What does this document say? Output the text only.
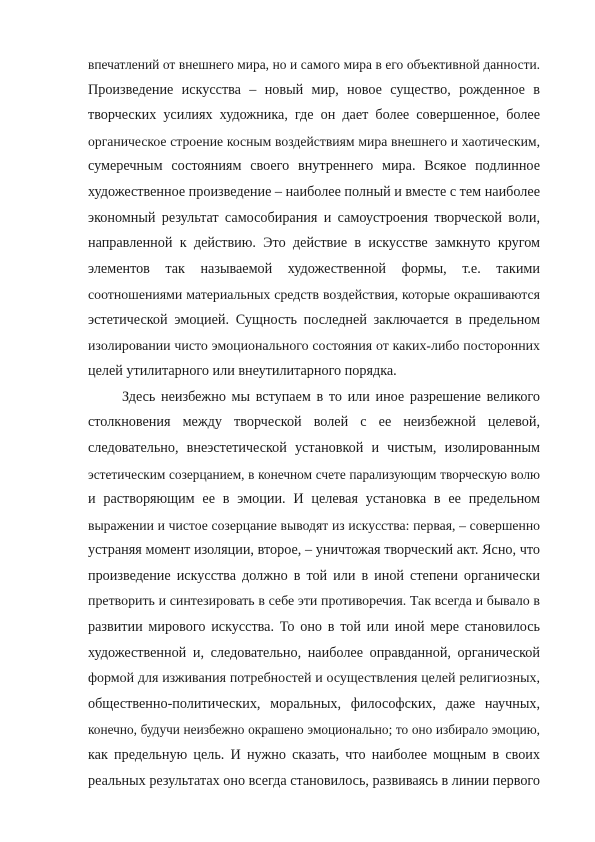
впечатлений от внешнего мира, но и самого мира в его объективной данности.
Произведение искусства – новый мир, новое существо, рожденное в
творческих усилиях художника, где он дает более совершенное, более
органическое строение косным воздействиям мира внешнего и хаотическим,
сумеречным состояниям своего внутреннего мира. Всякое подлинное
художественное произведение – наиболее полный и вместе с тем наиболее
экономный результат самособирания и самоустроения творческой воли,
направленной к действию. Это действие в искусстве замкнуто кругом
элементов так называемой художественной формы, т.е. такими
соотношениями материальных средств воздействия, которые окрашиваются
эстетической эмоцией. Сущность последней заключается в предельном
изолировании чисто эмоционального состояния от каких-либо посторонних
целей утилитарного или внеутилитарного порядка.
Здесь неизбежно мы вступаем в то или иное разрешение великого
столкновения между творческой волей с ее неизбежной целевой,
следовательно, внеэстетической установкой и чистым, изолированным
эстетическим созерцанием, в конечном счете парализующим творческую волю
и растворяющим ее в эмоции. И целевая установка в ее предельном
выражении и чистое созерцание выводят из искусства: первая, – совершенно
устраняя момент изоляции, второе, – уничтожая творческий акт. Ясно, что
произведение искусства должно в той или в иной степени органически
претворить и синтезировать в себе эти противоречия. Так всегда и бывало в
развитии мирового искусства. То оно в той или иной мере становилось
художественной и, следовательно, наиболее оправданной, органической
формой для изживания потребностей и осуществления целей религиозных,
общественно-политических, моральных, философских, даже научных,
конечно, будучи неизбежно окрашено эмоционально; то оно избирало эмоцию,
как предельную цель. И нужно сказать, что наиболее мощным в своих
реальных результатах оно всегда становилось, развиваясь в линии первого
